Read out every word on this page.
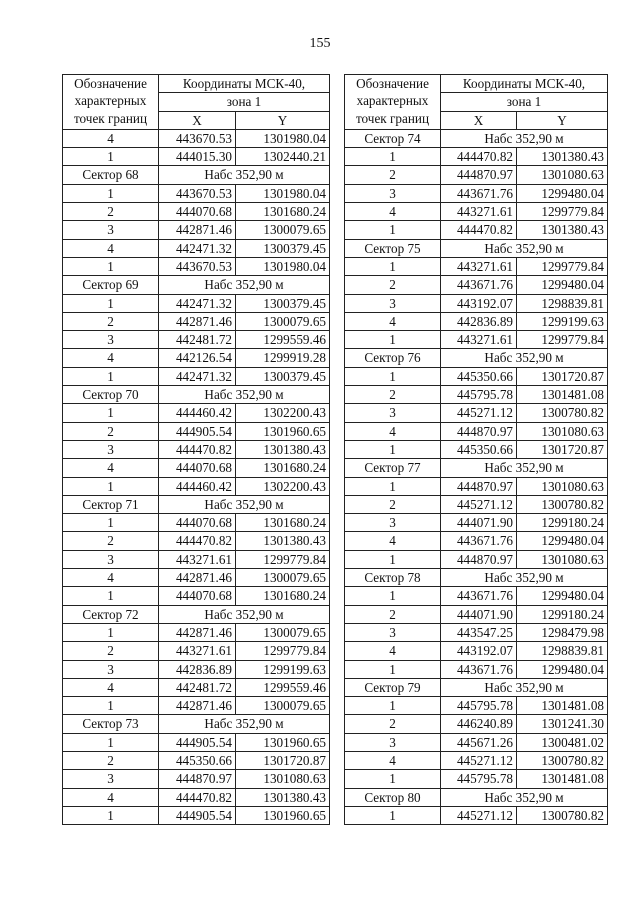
155
Обозначение
характерных
точек границ	Координаты МСК-40,	
	зона 1	
	X	Y
4	443670.53	1301980.04
1	444015.30	1302440.21
Сектор 68	Набс 352,90 м	
1	443670.53	1301980.04
2	444070.68	1301680.24
3	442871.46	1300079.65
4	442471.32	1300379.45
1	443670.53	1301980.04
Сектор 69	Набс 352,90 м	
1	442471.32	1300379.45
2	442871.46	1300079.65
3	442481.72	1299559.46
4	442126.54	1299919.28
1	442471.32	1300379.45
Сектор 70	Набс 352,90 м	
1	444460.42	1302200.43
2	444905.54	1301960.65
3	444470.82	1301380.43
4	444070.68	1301680.24
1	444460.42	1302200.43
Сектор 71	Набс 352,90 м	
1	444070.68	1301680.24
2	444470.82	1301380.43
3	443271.61	1299779.84
4	442871.46	1300079.65
1	444070.68	1301680.24
Сектор 72	Набс 352,90 м	
1	442871.46	1300079.65
2	443271.61	1299779.84
3	442836.89	1299199.63
4	442481.72	1299559.46
1	442871.46	1300079.65
Сектор 73	Набс 352,90 м	
1	444905.54	1301960.65
2	445350.66	1301720.87
3	444870.97	1301080.63
4	444470.82	1301380.43
1	444905.54	1301960.65
Обозначение
характерных
точек границ	Координаты МСК-40,	
	зона 1	
	X	Y
Сектор 74	Набс 352,90 м	
1	444470.82	1301380.43
2	444870.97	1301080.63
3	443671.76	1299480.04
4	443271.61	1299779.84
1	444470.82	1301380.43
Сектор 75	Набс 352,90 м	
1	443271.61	1299779.84
2	443671.76	1299480.04
3	443192.07	1298839.81
4	442836.89	1299199.63
1	443271.61	1299779.84
Сектор 76	Набс 352,90 м	
1	445350.66	1301720.87
2	445795.78	1301481.08
3	445271.12	1300780.82
4	444870.97	1301080.63
1	445350.66	1301720.87
Сектор 77	Набс 352,90 м	
1	444870.97	1301080.63
2	445271.12	1300780.82
3	444071.90	1299180.24
4	443671.76	1299480.04
1	444870.97	1301080.63
Сектор 78	Набс 352,90 м	
1	443671.76	1299480.04
2	444071.90	1299180.24
3	443547.25	1298479.98
4	443192.07	1298839.81
1	443671.76	1299480.04
Сектор 79	Набс 352,90 м	
1	445795.78	1301481.08
2	446240.89	1301241.30
3	445671.26	1300481.02
4	445271.12	1300780.82
1	445795.78	1301481.08
Сектор 80	Набс 352,90 м	
1	445271.12	1300780.82
